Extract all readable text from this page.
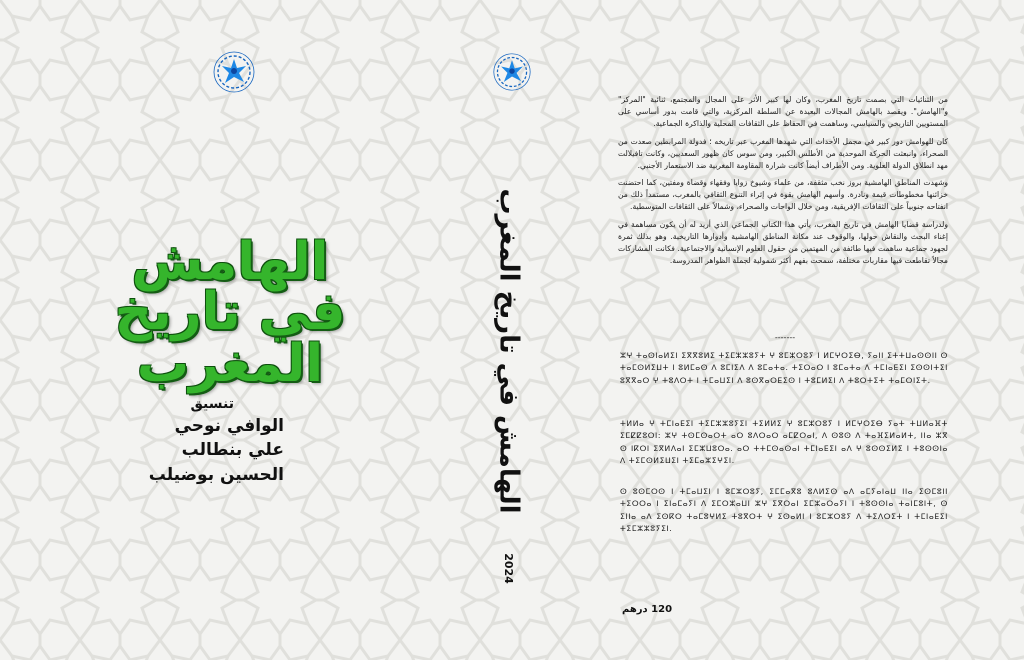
الهامش
في تاريخ المغرب
تنسيق
الوافي نوحي
علي بنطالب
الحسين بوضيلب	الهامش في تاريخ المغرب
2024

من الثنائيات التي بصمت تاريخ المغرب، وكان لها كبير الأثر على المجال والمجتمع، ثنائية "المركز" و"الهامش". ويقصد بالهامش المجالات البعيدة عن السلطة المركزية، والتي قامت بدور أساسي على المستويين التاريخي والسياسي، وساهمت في الحفاظ على الثقافات المحلية والذاكرة الجماعية.

كان للهوامش دور كبير في مجمل الأحداث التي شهدها المغرب عبر تاريخه ؛ فدولة المرابطين صعدت من الصحراء، وانبعثت الحركة الموحدية من الأطلس الكبير، ومن سوس كان ظهور السعديين، وكانت تافيلالت مهد انطلاق الدولة العلوية. ومن الأطراف أيضاً كانت شرارة المقاومة المغربية ضد الاستعمار الأجنبي.

وشهدت المناطق الهامشية بروز نخب مثقفة، من علماء وشيوخ زوايا وفقهاء وقضاة ومفتين، كما احتضنت خزائنها مخطوطات قيمة ونادرة. وأسهم الهامش بقوة في إثراء التنوع الثقافي بالمغرب، مستمداً ذلك من انفتاحه جنوبياً على الثقافات الإفريقية، ومن خلال الواحات والصحراء، وشمالاً على الثقافات المتوسطية.

ولدراسة قضايا الهامش في تاريخ المغرب، يأتي هذا الكتاب الجماعي الذي أريد له أن يكون مساهمة في إغناء البحث والنقاش حولها، والوقوف عند مكانة المناطق الهامشية وأدوارها التاريخية. وهو بذلك ثمرة لجهود جماعية ساهمت فيها طائفة من المهتمين من حقول العلوم الإنسانية والاجتماعية. فكانت المشاركات مجالاً تقاطعت فيها مقاربات مختلفة، سمحت بفهم أكثر شمولية لجملة الظواهر المدروسة.

-------
ⵣⵖ ⵜⴰⵙⵏⴰⵍⵉⵏ ⵉⴳⴳⵓⵍⵉ ⵜⵉⵎⵣⵣⵓⵢⵜ ⵖ ⵓⵎⵣⵔⵓⵢ ⵏ ⵍⵎⵖⵔⵉⴱ, ⵢⴰⵏⵏ ⵉⵜⵜⵡⴰⵙⵙⵏⵏ ⵙ ⵜⴰⵎⵙⵍⵉⵡⵜ ⵏ ⵓⵍⵎⴰⵙ ⴷ ⵓⵎⵏⵉⴷ ⴷ ⵓⵎⴰⵜⴰ. ⵜⵉⵔⴰⵔ ⵏ ⵓⵎⴰⵜⴰ ⴷ ⵜⵎⵏⴰⴹⵉⵏ ⵉⵙⵙⵏⵜⵉⵏ ⵓⴳⴳⴰⵔ ⵖ ⵜⵓⴷⵔⵜ ⵏ ⵜⵎⴰⵡⵉⵏ ⴷ ⵓⵙⴳⴰⵔⴹⵉⵙ ⵏ ⵜⵓⵎⵍⵉⵏ ⴷ ⵜⵓⵔⵜⵉⵜ ⵜⴰⵎⵔⵏⵉⵜ.
ⵜⵍⵍⴰ ⵖ ⵜⵎⵏⴰⴹⵉⵏ ⵜⵉⵎⵣⵣⵓⵢⵉⵏ ⵜⵉⵍⵍⵉ ⵖ ⵓⵎⵣⵔⵓⵢ ⵏ ⵍⵎⵖⵔⵉⴱ ⵢⴰⵜ ⵜⵡⵍⴰⴼⵜ ⵉⵎⵇⵇⵓⵔⵏ: ⵣⵖ ⵜⵙⵎⵙⴰⵔⵜ ⴰⵔ ⵓⴷⵔⴰⵔ ⴰⵎⵇⵔⴰⵏ, ⴷ ⵙⵓⵙ ⴷ ⵜⴰⴼⵉⵍⴰⵍⵜ, ⵏⵏⴰ ⵣⴳ ⵙ ⵏⴽⵔⵏ ⵉⴳⵍⴷⴰⵏ ⵉⵎⵣⵡⵓⵔⴰ. ⴰⵔ ⵜⵜⵎⵙⴰⵙⴰⵏ ⵜⵎⵏⴰⴹⵉⵏ ⴰⴷ ⵖ ⵓⵙⵙⵉⵍⵉ ⵏ ⵜⵓⵙⵙⵏⴰ ⴷ ⵜⵉⵎⵙⵍⵉⵡⵉⵏ ⵜⵉⵎⴰⵣⵉⵖⵉⵏ.
ⵙ ⵓⵙⵎⵔⵙ ⵏ ⵜⵎⴰⵡⵉⵏ ⵏ ⵓⵎⵣⵔⵓⵢ, ⵉⵎⵎⴰⴳⵓ ⵓⴷⵍⵉⵙ ⴰⴷ ⴰⵎⵢⴰⵏⴰⵡ ⵏⵏⴰ ⵉⵙⵎⵓⵏⵏ ⵜⵉⵔⵔⴰ ⵏ ⵉⵏⴰⵎⴰⵢⵏ ⴷ ⵉⵎⵔⵣⴰⵡⵏ ⵣⵖ ⵉⴳⵔⴰⵏ ⵉⵎⵣⴰⵔⴰⵢⵏ ⵏ ⵜⵓⵙⵙⵏⴰ ⵜⴰⵏⵎⵓⵏⵜ, ⵙ ⵉⵏⵏⴰ ⴰⴷ ⵉⵙⴽⵔ ⵜⴰⵎⵓⵖⵍⵉ ⵜⵓⴳⵔⵜ ⵖ ⵉⵙⴰⵍⵏ ⵏ ⵓⵎⵣⵔⵓⵢ ⴷ ⵜⵉⴷⵔⵉⵜ ⵏ ⵜⵎⵏⴰⴹⵉⵏ ⵜⵉⵎⵣⵣⵓⵢⵉⵏ.
120 درهم
